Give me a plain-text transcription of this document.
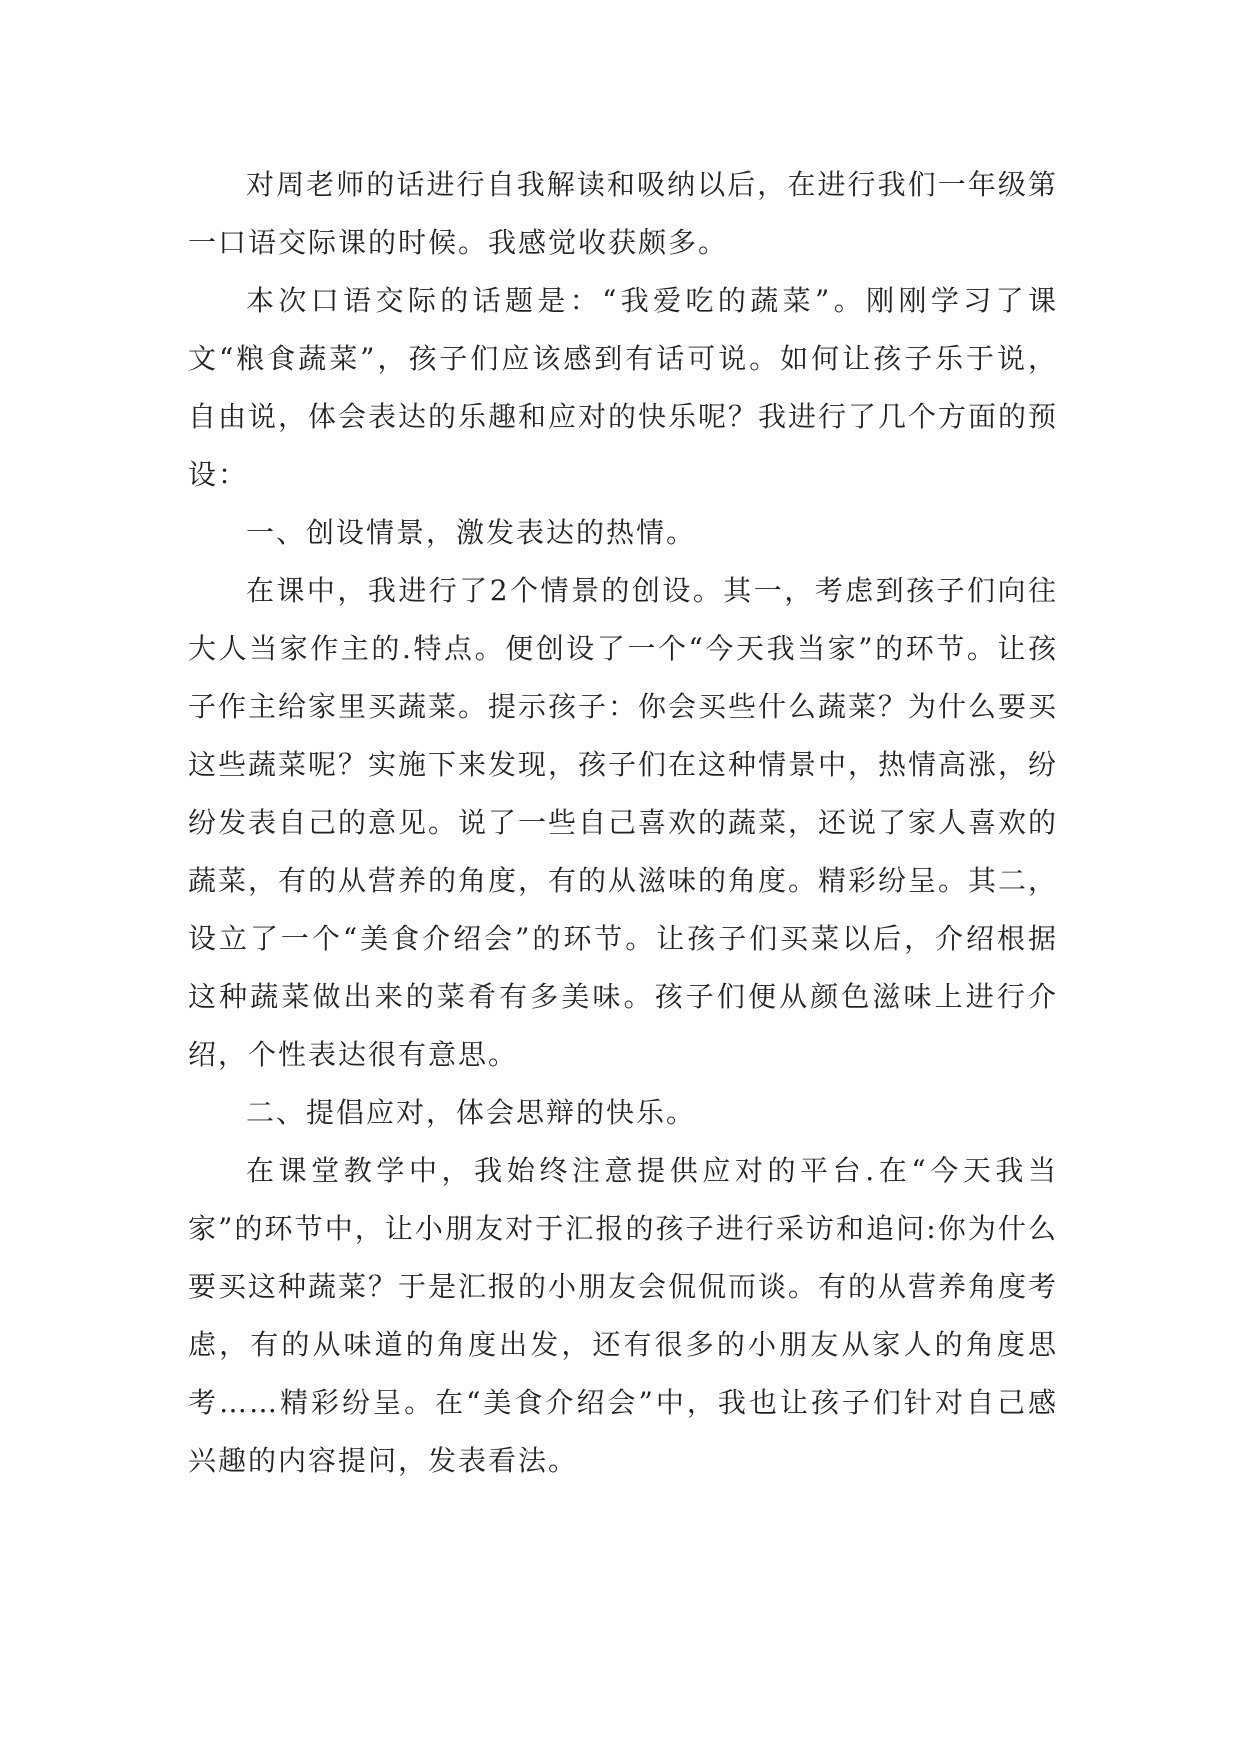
对周老师的话进行自我解读和吸纳以后，在进行我们一年级第一口语交际课的时候。我感觉收获颇多。

本次口语交际的话题是：“我爱吃的蔬菜”。刚刚学习了课文“粮食蔬菜”，孩子们应该感到有话可说。如何让孩子乐于说，自由说，体会表达的乐趣和应对的快乐呢？我进行了几个方面的预设：

一、创设情景，激发表达的热情。

在课中，我进行了2个情景的创设。其一，考虑到孩子们向往大人当家作主的.特点。便创设了一个“今天我当家”的环节。让孩子作主给家里买蔬菜。提示孩子：你会买些什么蔬菜？为什么要买这些蔬菜呢？实施下来发现，孩子们在这种情景中，热情高涨，纷纷发表自己的意见。说了一些自己喜欢的蔬菜，还说了家人喜欢的蔬菜，有的从营养的角度，有的从滋味的角度。精彩纷呈。其二，设立了一个“美食介绍会”的环节。让孩子们买菜以后，介绍根据这种蔬菜做出来的菜肴有多美味。孩子们便从颜色滋味上进行介绍，个性表达很有意思。

二、提倡应对，体会思辩的快乐。

在课堂教学中，我始终注意提供应对的平台.在“今天我当家”的环节中，让小朋友对于汇报的孩子进行采访和追问:你为什么要买这种蔬菜？于是汇报的小朋友会侃侃而谈。有的从营养角度考虑，有的从味道的角度出发，还有很多的小朋友从家人的角度思考……精彩纷呈。在“美食介绍会”中，我也让孩子们针对自己感兴趣的内容提问，发表看法。
